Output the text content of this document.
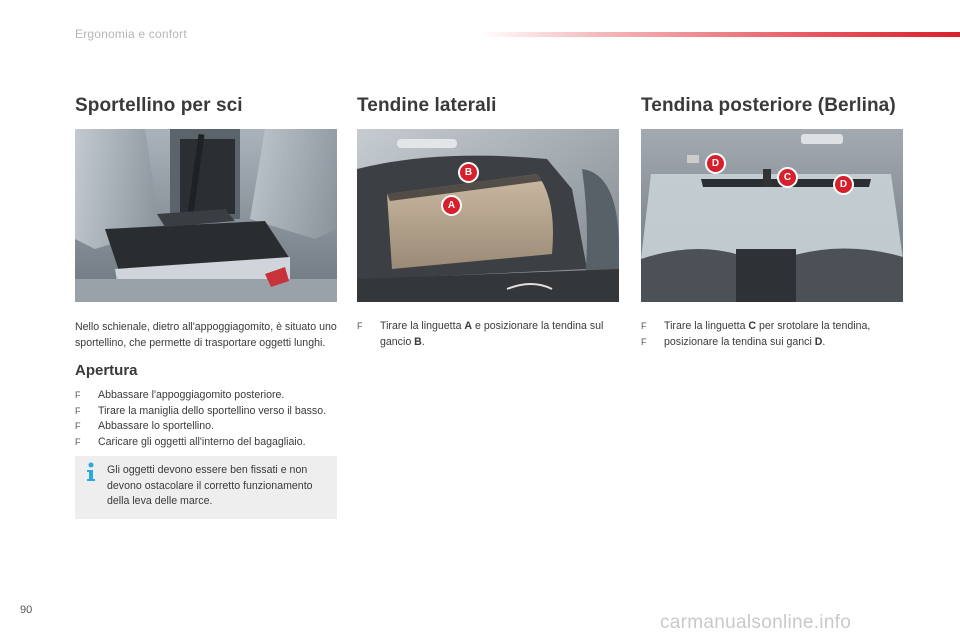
Ergonomia e confort
Sportellino per sci

Nello schienale, dietro all'appoggiagomito, è situato uno sportellino, che permette di trasportare oggetti lunghi.

Apertura
F	Abbassare l'appoggiagomito posteriore.
F	Tirare la maniglia dello sportellino verso il basso.
F	Abbassare lo sportellino.
F	Caricare gli oggetti all'interno del bagagliaio.
Gli oggetti devono essere ben fissati e non devono ostacolare il corretto funzionamento della leva delle marce.
Tendine laterali
B
A
F	Tirare la linguetta A e posizionare la tendina sul gancio B.
Tendina posteriore (Berlina)
D
C
D
F	Tirare la linguetta C per srotolare la tendina,
F	posizionare la tendina sui ganci D.
90
carmanualsonline.info
